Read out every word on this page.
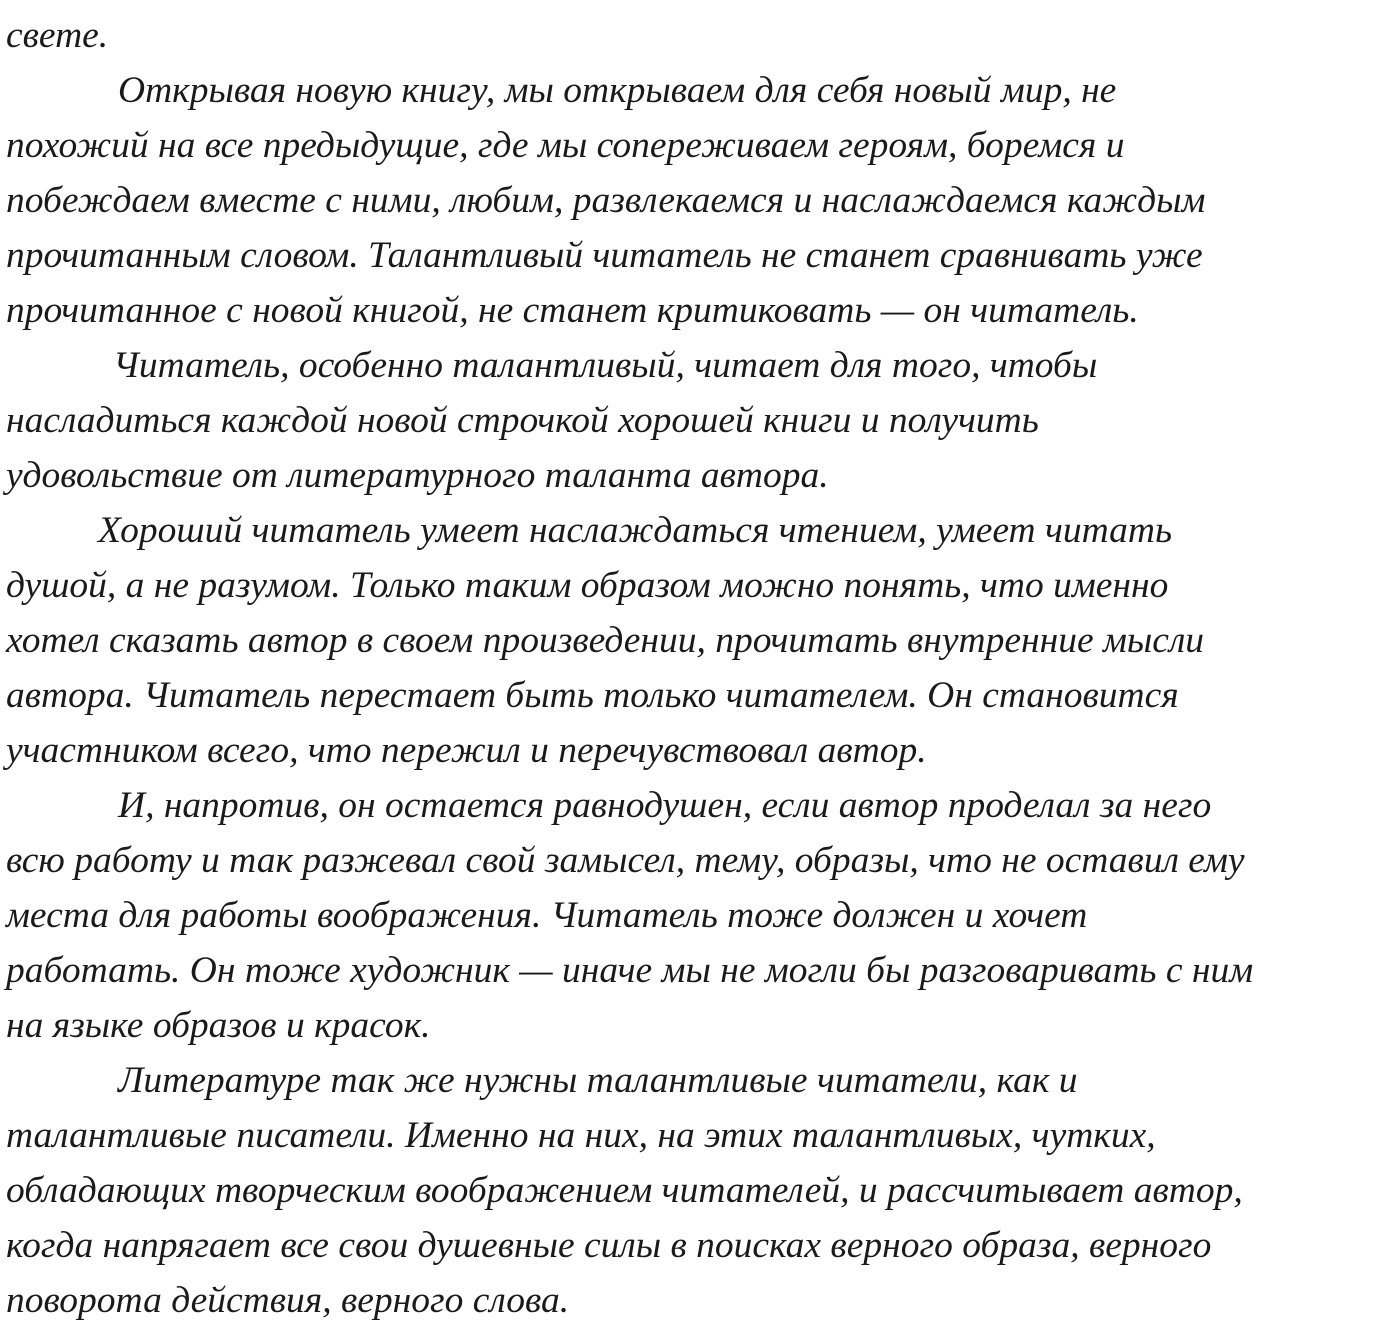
свете.
Открывая новую книгу, мы открываем для себя новый мир, не
похожий на все предыдущие, где мы сопереживаем героям, боремся и
побеждаем вместе с ними, любим, развлекаемся и наслаждаемся каждым
прочитанным словом. Талантливый читатель не станет сравнивать уже
прочитанное с новой книгой, не станет критиковать — он читатель.
Читатель, особенно талантливый, читает для того, чтобы
насладиться каждой новой строчкой хорошей книги и получить
удовольствие от литературного таланта автора.
Хороший читатель умеет наслаждаться чтением, умеет читать
душой, а не разумом. Только таким образом можно понять, что именно
хотел сказать автор в своем произведении, прочитать внутренние мысли
автора. Читатель перестает быть только читателем. Он становится
участником всего, что пережил и перечувствовал автор.
И, напротив, он остается равнодушен, если автор проделал за него
всю работу и так разжевал свой замысел, тему, образы, что не оставил ему
места для работы воображения. Читатель тоже должен и хочет
работать. Он тоже художник — иначе мы не могли бы разговаривать с ним
на языке образов и красок.
Литературе так же нужны талантливые читатели, как и
талантливые писатели. Именно на них, на этих талантливых, чутких,
обладающих творческим воображением читателей, и рассчитывает автор,
когда напрягает все свои душевные силы в поисках верного образа, верного
поворота действия, верного слова.
